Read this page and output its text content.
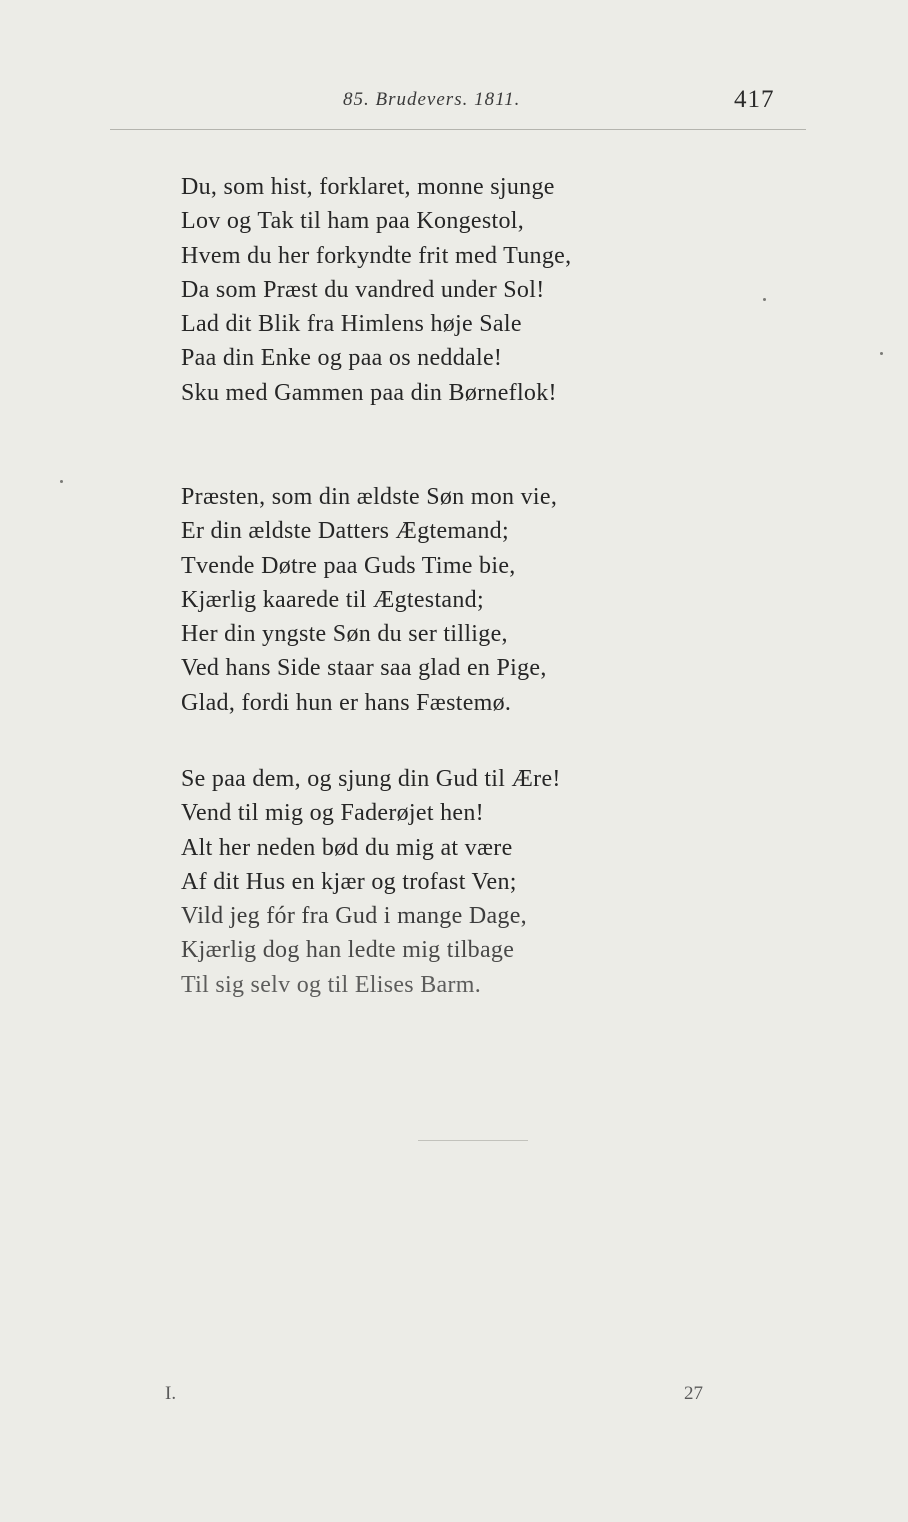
85. Brudevers. 1811.	417
Du, som hist, forklaret, monne sjunge
Lov og Tak til ham paa Kongestol,
Hvem du her forkyndte frit med Tunge,
Da som Præst du vandred under Sol!
Lad dit Blik fra Himlens høje Sale
Paa din Enke og paa os neddale!
Sku med Gammen paa din Børneflok!
Præsten, som din ældste Søn mon vie,
Er din ældste Datters Ægtemand;
Tvende Døtre paa Guds Time bie,
Kjærlig kaarede til Ægtestand;
Her din yngste Søn du ser tillige,
Ved hans Side staar saa glad en Pige,
Glad, fordi hun er hans Fæstemø.
Se paa dem, og sjung din Gud til Ære!
Vend til mig og Faderøjet hen!
Alt her neden bød du mig at være
Af dit Hus en kjær og trofast Ven;
Vild jeg fór fra Gud i mange Dage,
Kjærlig dog han ledte mig tilbage
Til sig selv og til Elises Barm.
I.	27
